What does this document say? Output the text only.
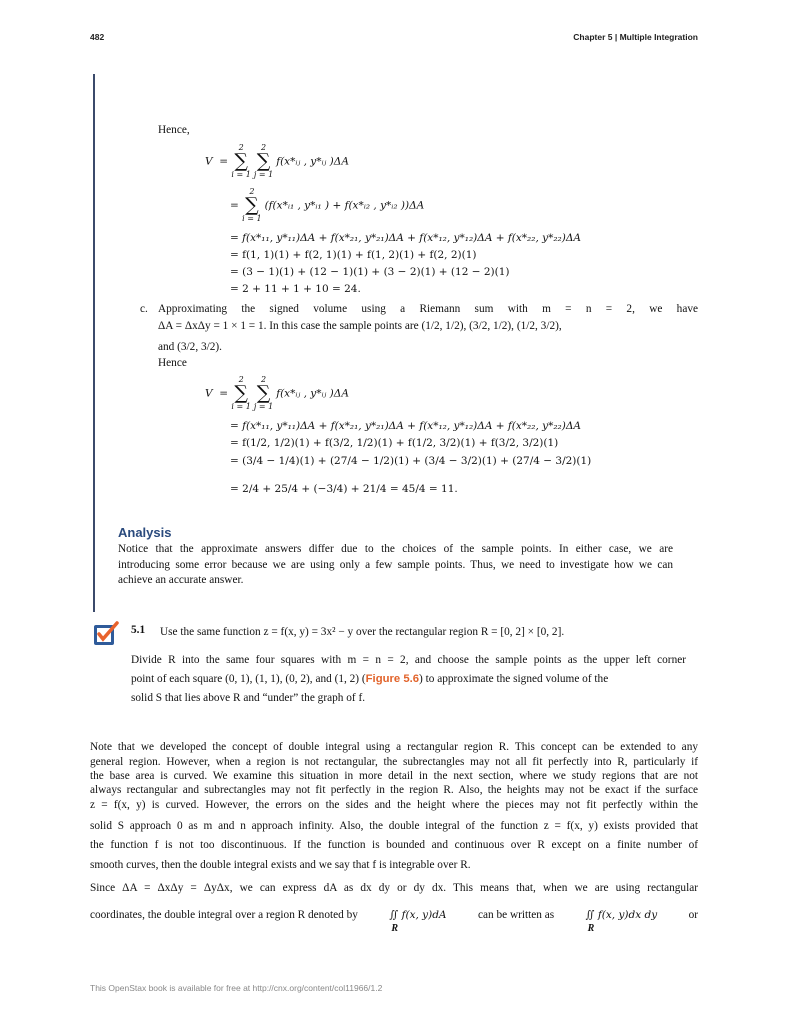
482	Chapter 5 | Multiple Integration
Hence,
V  =
2
∑
i = 1
2
∑
j = 1
f(x*ᵢⱼ , y*ᵢⱼ )ΔA
=
2
∑
i = 1
(f(x*ᵢ₁ , y*ᵢ₁ ) + f(x*ᵢ₂ , y*ᵢ₂ ))ΔA
= f(x*₁₁, y*₁₁)ΔA + f(x*₂₁, y*₂₁)ΔA + f(x*₁₂, y*₁₂)ΔA + f(x*₂₂, y*₂₂)ΔA
= f(1, 1)(1) + f(2, 1)(1) + f(1, 2)(1) + f(2, 2)(1)
= (3 − 1)(1) + (12 − 1)(1) + (3 − 2)(1) + (12 − 2)(1)
= 2 + 11 + 1 + 10 = 24.
c. Approximating the signed volume using a Riemann sum with m = n = 2, we have
ΔA = ΔxΔy = 1 × 1 = 1. In this case the sample points are (1/2, 1/2), (3/2, 1/2), (1/2, 3/2),
and (3/2, 3/2).
Hence
V  =
2
∑
i = 1
2
∑
j = 1
f(x*ᵢⱼ , y*ᵢⱼ )ΔA
= f(x*₁₁, y*₁₁)ΔA + f(x*₂₁, y*₂₁)ΔA + f(x*₁₂, y*₁₂)ΔA + f(x*₂₂, y*₂₂)ΔA
= f(1/2, 1/2)(1) + f(3/2, 1/2)(1) + f(1/2, 3/2)(1) + f(3/2, 3/2)(1)
= (3/4 − 1/4)(1) + (27/4 − 1/2)(1) + (3/4 − 3/2)(1) + (27/4 − 3/2)(1)
= 2/4 + 25/4 + (−3/4) + 21/4 = 45/4 = 11.
Analysis
Notice that the approximate answers differ due to the choices of the sample points. In either case, we are
introducing some error because we are using only a few sample points. Thus, we need to investigate how we can
achieve an accurate answer.
5.1 Use the same function z = f(x, y) = 3x² − y over the rectangular region R = [0, 2] × [0, 2].
Divide R into the same four squares with m = n = 2, and choose the sample points as the upper left corner
point of each square (0, 1), (1, 1), (0, 2), and (1, 2) (Figure 5.6) to approximate the signed volume of the
solid S that lies above R and “under” the graph of f.
Note that we developed the concept of double integral using a rectangular region R. This concept can be extended to any
general region. However, when a region is not rectangular, the subrectangles may not all fit perfectly into R, particularly if
the base area is curved. We examine this situation in more detail in the next section, where we study regions that are not
always rectangular and subrectangles may not fit perfectly in the region R. Also, the heights may not be exact if the surface
z = f(x, y) is curved. However, the errors on the sides and the height where the pieces may not fit perfectly within the
solid S approach 0 as m and n approach infinity. Also, the double integral of the function z = f(x, y) exists provided that
the function f is not too discontinuous. If the function is bounded and continuous over R except on a finite number of
smooth curves, then the double integral exists and we say that f is integrable over R.
Since ΔA = ΔxΔy = ΔyΔx, we can express dA as dx dy or dy dx. This means that, when we are using rectangular
coordinates, the double integral over a region R denoted by	∬ f(x, y)dA
R
can be written as	∬ f(x, y)dx dy
R
or
This OpenStax book is available for free at http://cnx.org/content/col11966/1.2
